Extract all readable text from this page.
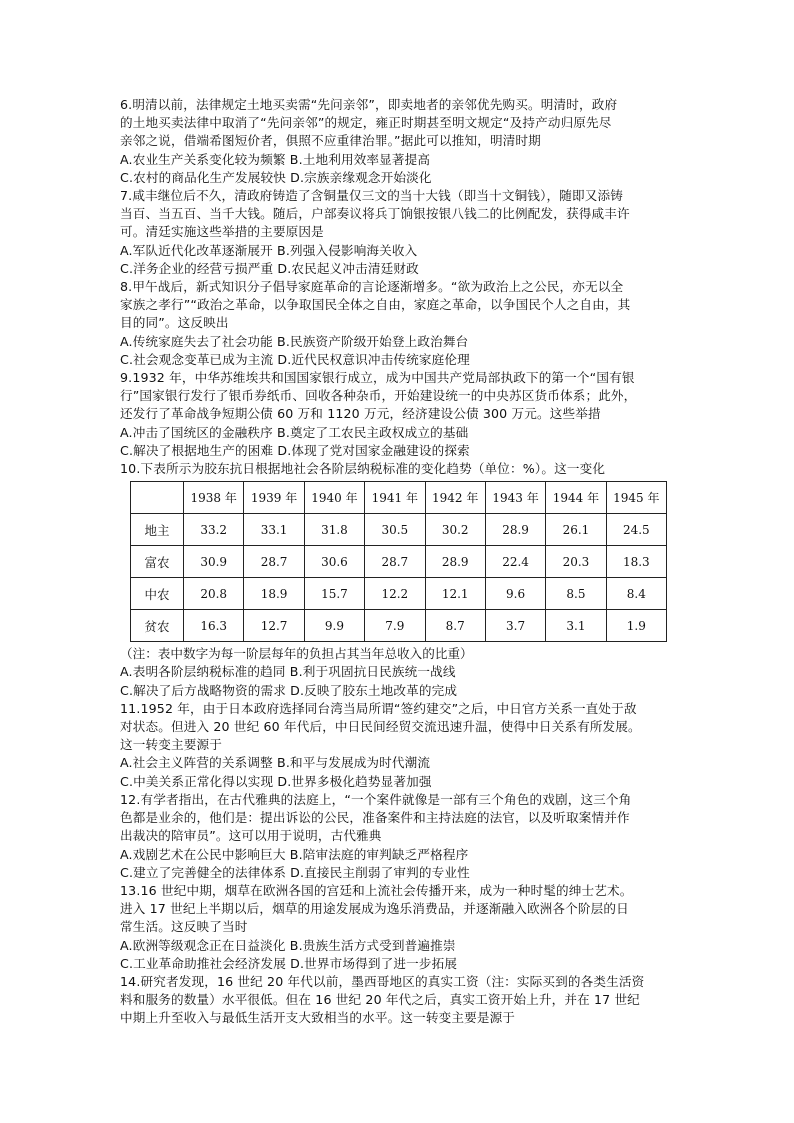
6.明清以前，法律规定土地买卖需“先问亲邻”，即卖地者的亲邻优先购买。明清时，政府
的土地买卖法律中取消了“先问亲邻”的规定，雍正时期甚至明文规定“及持产动归原先尽
亲邻之说，借端希图短价者，俱照不应重律治罪。”据此可以推知，明清时期
A.农业生产关系变化较为频繁 B.土地利用效率显著提高
C.农村的商品化生产发展较快 D.宗族亲缘观念开始淡化
7.咸丰继位后不久，清政府铸造了含铜量仅三文的当十大钱（即当十文铜钱），随即又添铸
当百、当五百、当千大钱。随后，户部奏议将兵丁饷银按银八钱二的比例配发，获得咸丰许
可。清廷实施这些举措的主要原因是
A.军队近代化改革逐渐展开 B.列强入侵影响海关收入
C.洋务企业的经营亏损严重 D.农民起义冲击清廷财政
8.甲午战后，新式知识分子倡导家庭革命的言论逐渐增多。“欲为政治上之公民，亦无以全
家族之孝行”“政治之革命，以争取国民全体之自由，家庭之革命，以争国民个人之自由，其
目的同”。这反映出
A.传统家庭失去了社会功能 B.民族资产阶级开始登上政治舞台
C.社会观念变革已成为主流 D.近代民权意识冲击传统家庭伦理
9.1932 年，中华苏维埃共和国国家银行成立，成为中国共产党局部执政下的第一个“国有银
行”国家银行发行了银币券纸币、回收各种杂币，开始建设统一的中央苏区货币体系；此外，
还发行了革命战争短期公债 60 万和 1120 万元，经济建设公债 300 万元。这些举措
A.冲击了国统区的金融秩序 B.奠定了工农民主政权成立的基础
C.解决了根据地生产的困难 D.体现了党对国家金融建设的探索
10.下表所示为胶东抗日根据地社会各阶层纳税标准的变化趋势（单位：%）。这一变化
	1938 年	1939 年	1940 年	1941 年	1942 年	1943 年	1944 年	1945 年
地主	33.2	33.1	31.8	30.5	30.2	28.9	26.1	24.5
富农	30.9	28.7	30.6	28.7	28.9	22.4	20.3	18.3
中农	20.8	18.9	15.7	12.2	12.1	9.6	8.5	8.4
贫农	16.3	12.7	9.9	7.9	8.7	3.7	3.1	1.9
（注：表中数字为每一阶层每年的负担占其当年总收入的比重）
A.表明各阶层纳税标准的趋同 B.利于巩固抗日民族统一战线
C.解决了后方战略物资的需求 D.反映了胶东土地改革的完成
11.1952 年，由于日本政府选择同台湾当局所谓“签约建交”之后，中日官方关系一直处于敌
对状态。但进入 20 世纪 60 年代后，中日民间经贸交流迅速升温，使得中日关系有所发展。
这一转变主要源于
A.社会主义阵营的关系调整 B.和平与发展成为时代潮流
C.中美关系正常化得以实现 D.世界多极化趋势显著加强
12.有学者指出，在古代雅典的法庭上，“一个案件就像是一部有三个角色的戏剧，这三个角
色都是业余的，他们是：提出诉讼的公民，准备案件和主持法庭的法官，以及听取案情并作
出裁决的陪审员”。这可以用于说明，古代雅典
A.戏剧艺术在公民中影响巨大 B.陪审法庭的审判缺乏严格程序
C.建立了完善健全的法律体系 D.直接民主削弱了审判的专业性
13.16 世纪中期，烟草在欧洲各国的宫廷和上流社会传播开来，成为一种时髦的绅士艺术。
进入 17 世纪上半期以后，烟草的用途发展成为逸乐消费品，并逐渐融入欧洲各个阶层的日
常生活。这反映了当时
A.欧洲等级观念正在日益淡化 B.贵族生活方式受到普遍推崇
C.工业革命助推社会经济发展 D.世界市场得到了进一步拓展
14.研究者发现，16 世纪 20 年代以前，墨西哥地区的真实工资（注：实际买到的各类生活资
料和服务的数量）水平很低。但在 16 世纪 20 年代之后，真实工资开始上升，并在 17 世纪
中期上升至收入与最低生活开支大致相当的水平。这一转变主要是源于
